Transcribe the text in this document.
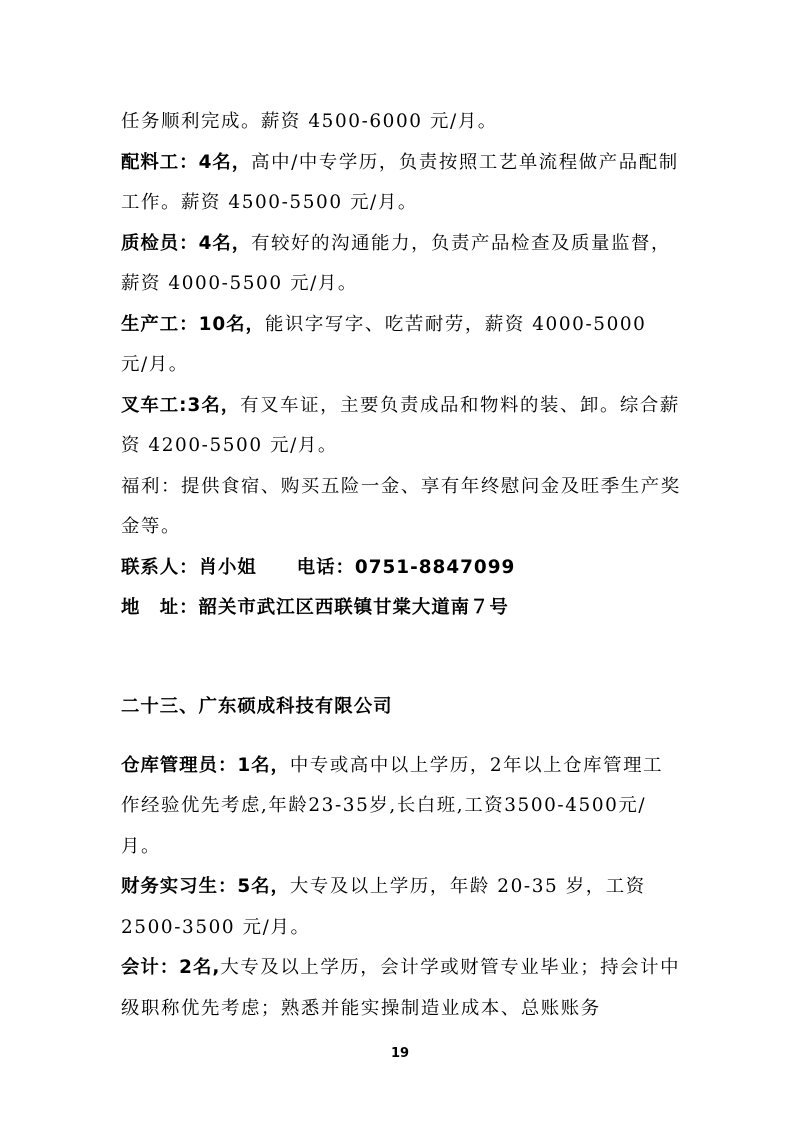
任务顺利完成。薪资 4500-6000 元/月。

配料工：4名，高中/中专学历，负责按照工艺单流程做产品配制工作。薪资 4500-5500 元/月。

质检员：4名，有较好的沟通能力，负责产品检查及质量监督，薪资 4000-5500 元/月。

生产工：10名，能识字写字、吃苦耐劳，薪资 4000-5000 元/月。

叉车工:3名，有叉车证，主要负责成品和物料的装、卸。综合薪资 4200-5500 元/月。

福利：提供食宿、购买五险一金、享有年终慰问金及旺季生产奖金等。

联系人：肖小姐 电话：0751-8847099

地　址：韶关市武江区西联镇甘棠大道南７号

二十三、广东硕成科技有限公司

仓库管理员：1名，中专或高中以上学历，2年以上仓库管理工作经验优先考虑,年龄23-35岁,长白班,工资3500-4500元/月。

财务实习生：5名，大专及以上学历，年龄 20-35 岁，工资2500-3500 元/月。

会计：2名,大专及以上学历，会计学或财管专业毕业；持会计中级职称优先考虑；熟悉并能实操制造业成本、总账账务

19
